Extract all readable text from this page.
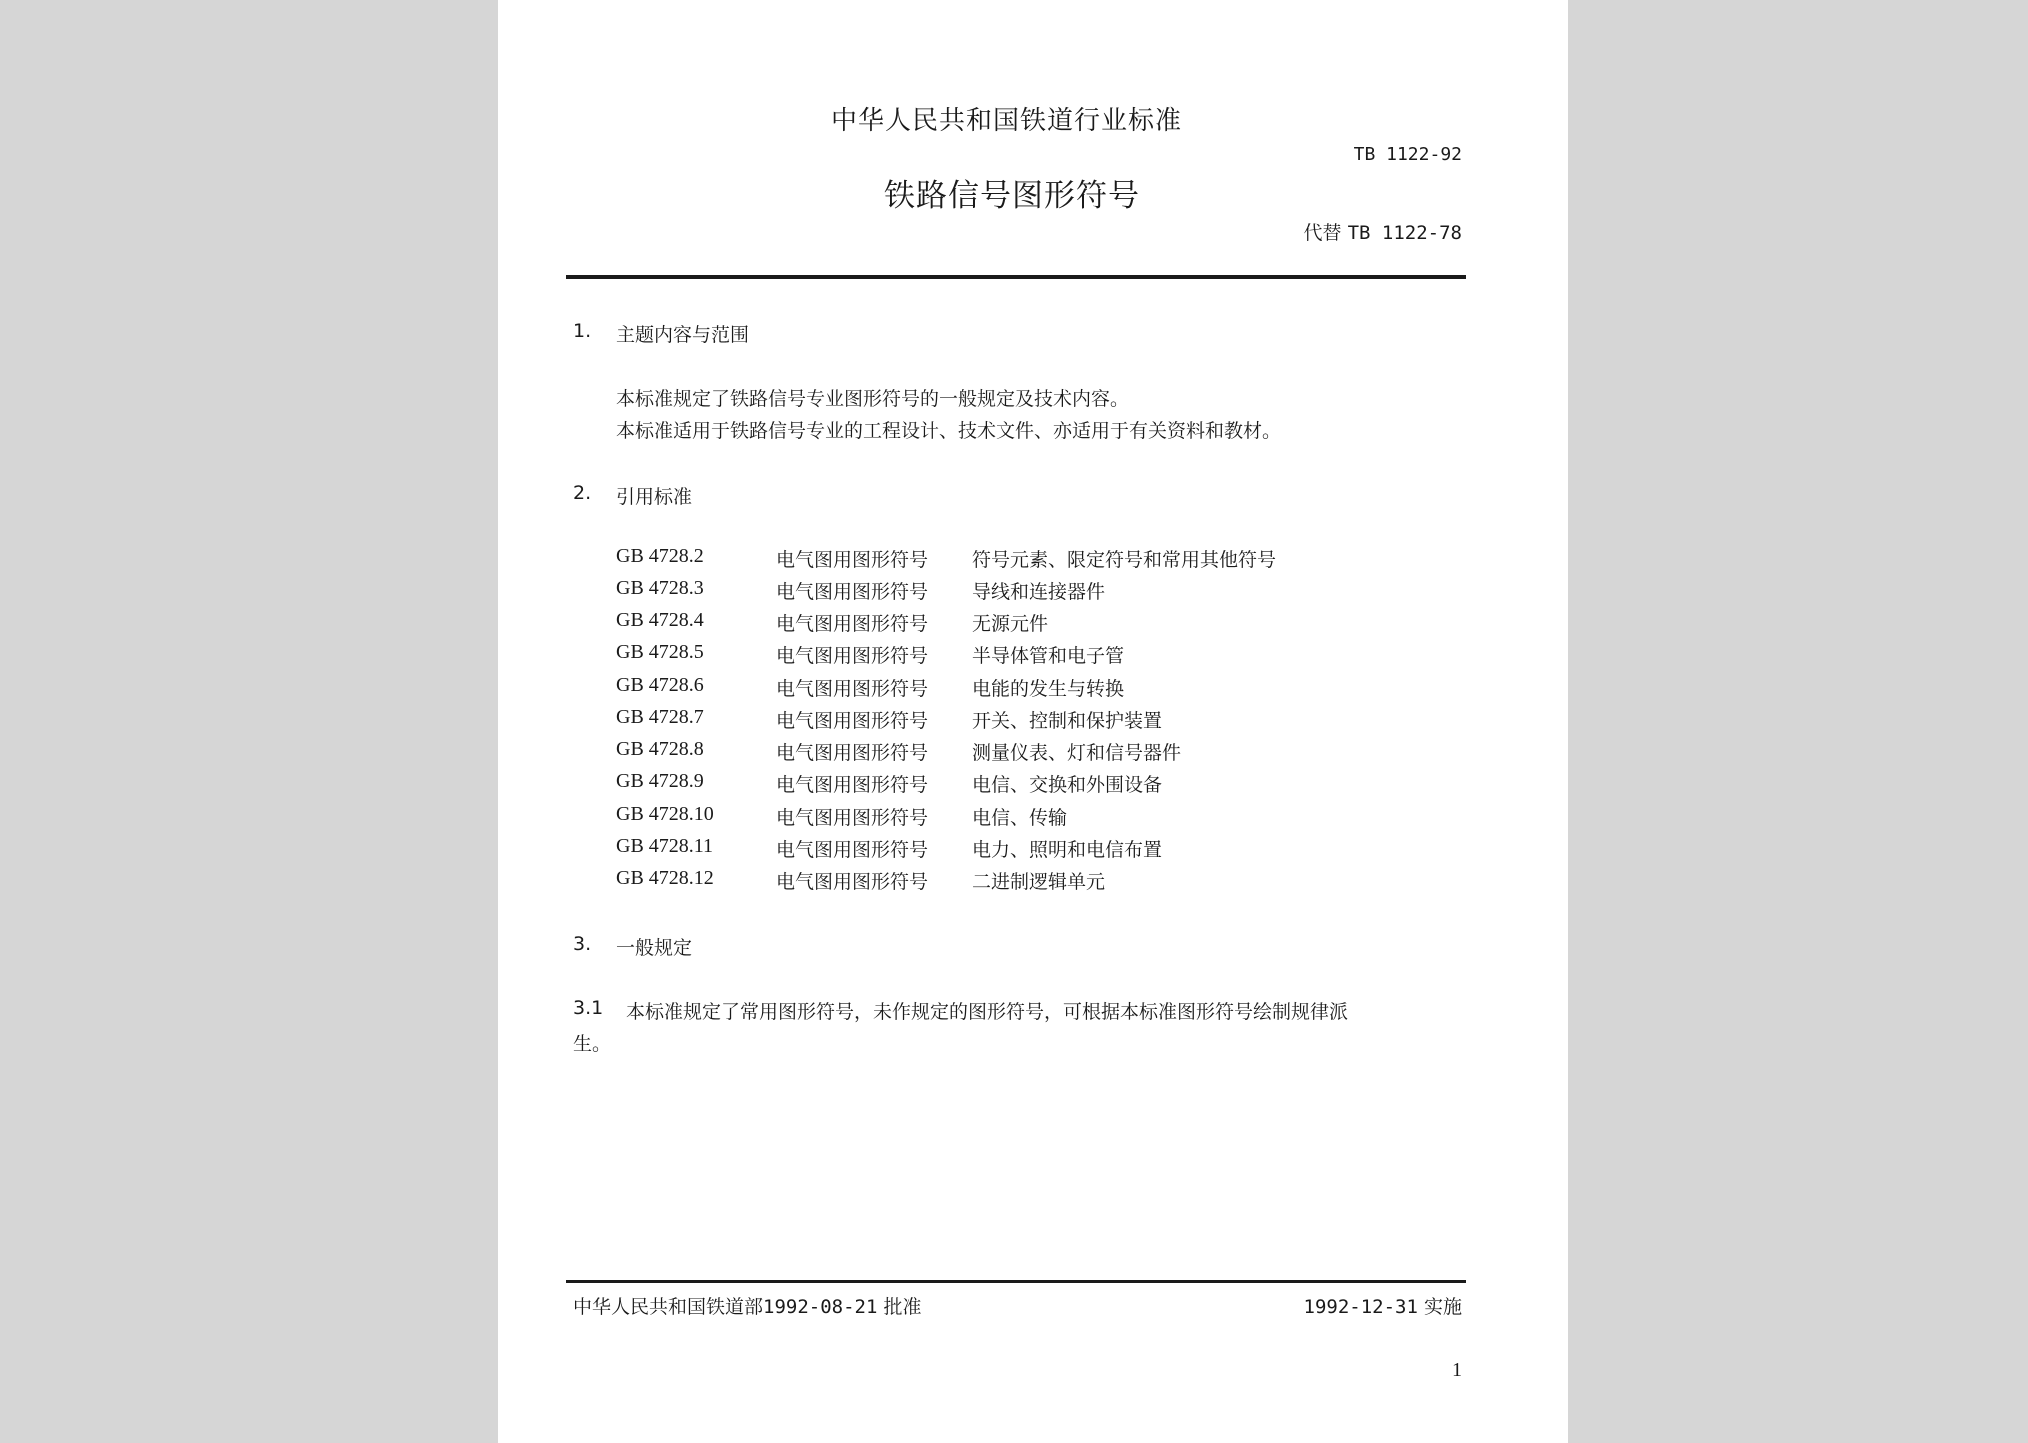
中华人民共和国铁道行业标准
TB 1122-92
铁路信号图形符号
代替 TB 1122-78
1. 主题内容与范围
本标准规定了铁路信号专业图形符号的一般规定及技术内容。
本标准适用于铁路信号专业的工程设计、技术文件、亦适用于有关资料和教材。
2. 引用标准
GB 4728.2	电气图用图形符号 符号元素、限定符号和常用其他符号
GB 4728.3	电气图用图形符号 导线和连接器件
GB 4728.4	电气图用图形符号 无源元件
GB 4728.5	电气图用图形符号 半导体管和电子管
GB 4728.6	电气图用图形符号 电能的发生与转换
GB 4728.7	电气图用图形符号 开关、控制和保护装置
GB 4728.8	电气图用图形符号 测量仪表、灯和信号器件
GB 4728.9	电气图用图形符号 电信、交换和外围设备
GB 4728.10	电气图用图形符号 电信、传输
GB 4728.11	电气图用图形符号 电力、照明和电信布置
GB 4728.12	电气图用图形符号 二进制逻辑单元
3. 一般规定
3.1 本标准规定了常用图形符号，未作规定的图形符号，可根据本标准图形符号绘制规律派
生。
中华人民共和国铁道部1992-08-21 批准	1992-12-31 实施
1
